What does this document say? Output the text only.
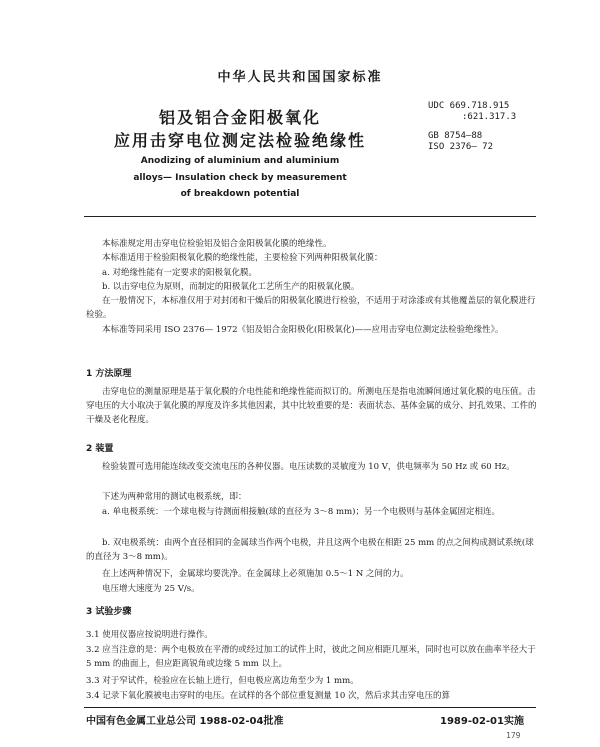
中华人民共和国国家标准
铝及铝合金阳极氧化
应用击穿电位测定法检验绝缘性
Anodizing of aluminium and aluminium
alloys— Insulation check by measurement
of breakdown potential
UDC 669.718.915
:621.317.3
GB 8754—88
ISO 2376— 72
本标准规定用击穿电位检验铝及铝合金阳极氧化膜的绝缘性。
本标准适用于检验阳极氧化膜的绝缘性能，主要检验下列两种阳极氧化膜：
a. 对绝缘性能有一定要求的阳极氧化膜。
b. 以击穿电位为原则，而制定的阳极氧化工艺所生产的阳极氧化膜。
在一般情况下，本标准仅用于对封闭和干燥后的阳极氧化膜进行检验，不适用于对涂漆或有其他覆盖层的氧化膜进行检验。
本标准等同采用 ISO 2376— 1972《铝及铝合金阳极化(阳极氧化)——应用击穿电位测定法检验绝缘性》。
1 方法原理
击穿电位的测量原理是基于氧化膜的介电性能和绝缘性能而拟订的。所测电压是指电流瞬间通过氧化膜的电压值。击穿电压的大小取决于氧化膜的厚度及许多其他因素，其中比较重要的是：表面状态、基体金属的成分、封孔效果、工件的干燥及老化程度。
2 装置
检验装置可选用能连续改变交流电压的各种仪器。电压读数的灵敏度为 10 V，供电频率为 50 Hz 或 60 Hz。
下述为两种常用的测试电极系统，即：
a. 单电极系统：一个球电极与待测面相接触(球的直径为 3～8 mm)；另一个电极则与基体金属固定相连。
b. 双电极系统：由两个直径相同的金属球当作两个电极，并且这两个电极在相距 25 mm 的点之间构成测试系统(球的直径为 3～8 mm)。
在上述两种情况下，金属球均要洗净。在金属球上必须施加 0.5～1 N 之间的力。
电压增大速度为 25 V/s。
3 试验步骤
3.1 使用仪器应按说明进行操作。
3.2 应当注意的是：两个电极放在平滑的或经过加工的试件上时，彼此之间应相距几厘米，同时也可以放在曲率半径大于 5 mm 的曲面上，但应距离锐角或边缘 5 mm 以上。
3.3 对于窄试件，检验应在长轴上进行，但电极应离边角至少为 1 mm。
3.4 记录下氧化膜被电击穿时的电压。在试样的各个部位重复测量 10 次，然后求其击穿电压的算
中国有色金属工业总公司 1988-02-04批准	1989-02-01实施
179
